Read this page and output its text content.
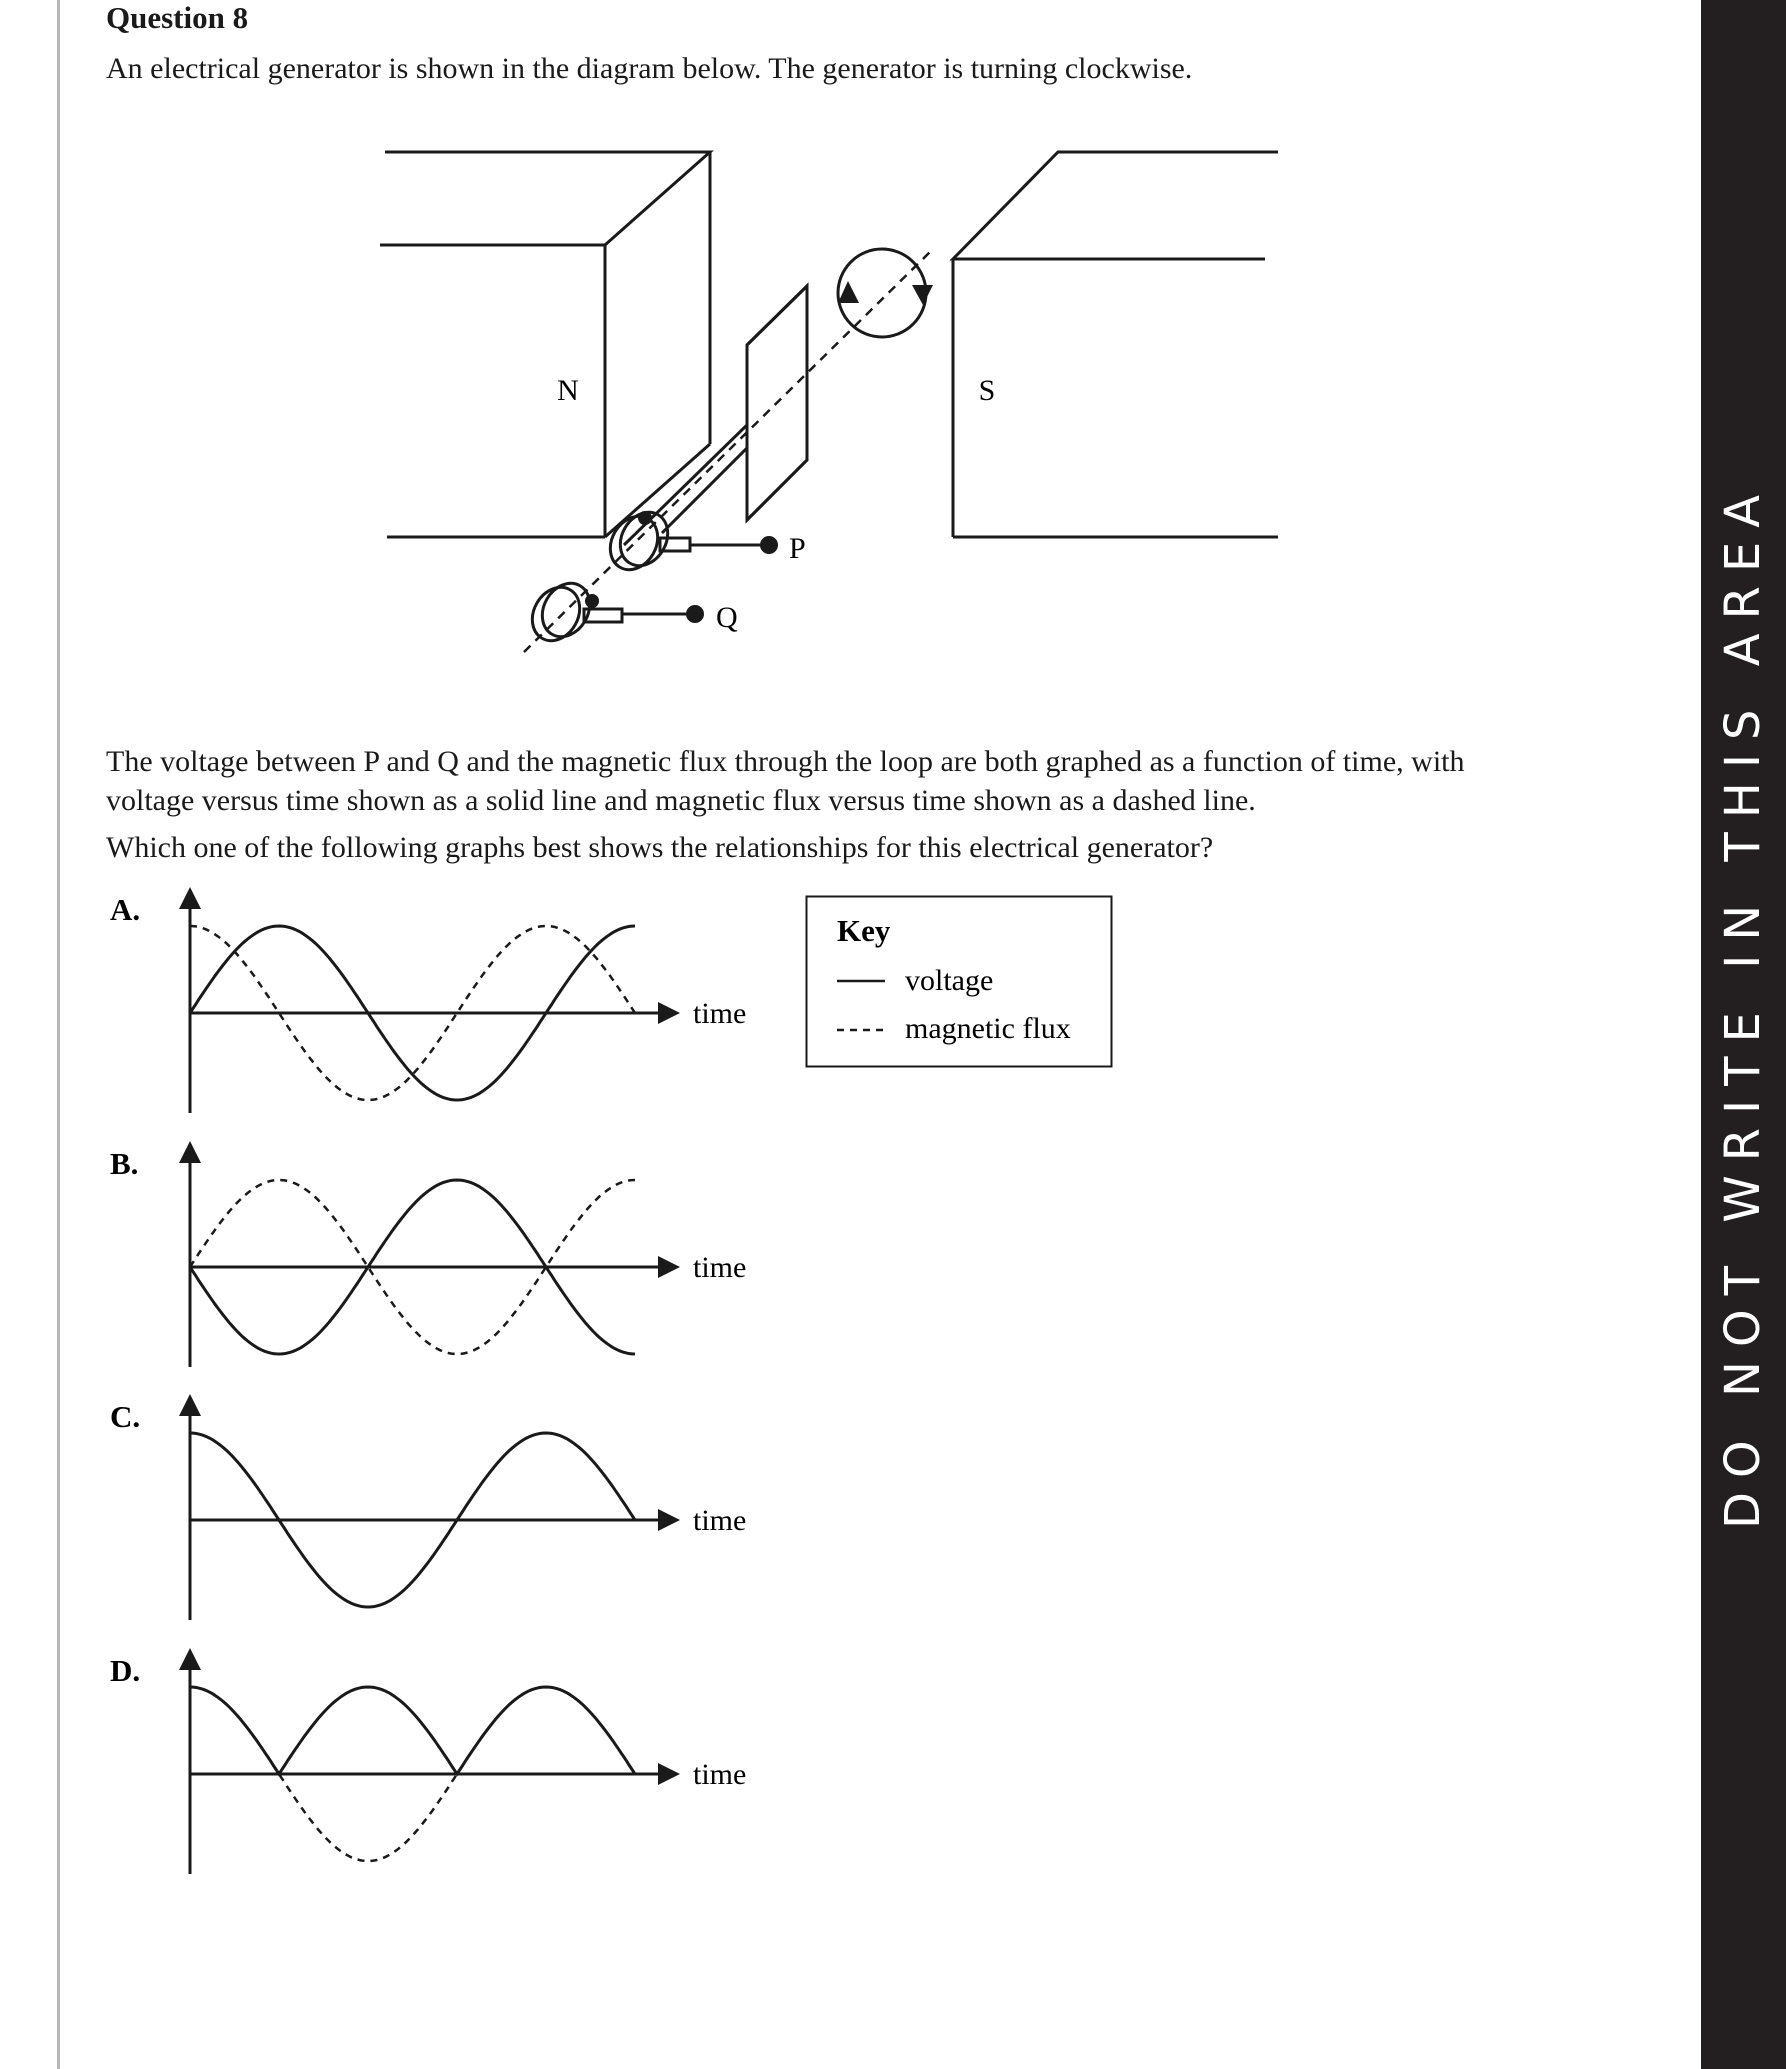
Question 8
An electrical generator is shown in the diagram below. The generator is turning clockwise.
N	S
P
Q
The voltage between P and Q and the magnetic flux through the loop are both graphed as a function of time, with
voltage versus time shown as a solid line and magnetic flux versus time shown as a dashed line.
Which one of the following graphs best shows the relationships for this electrical generator?
A.
time
B.
time
C.
time
D.
time
Key
voltage
magnetic flux	DO NOT WRITE IN THIS AREA
